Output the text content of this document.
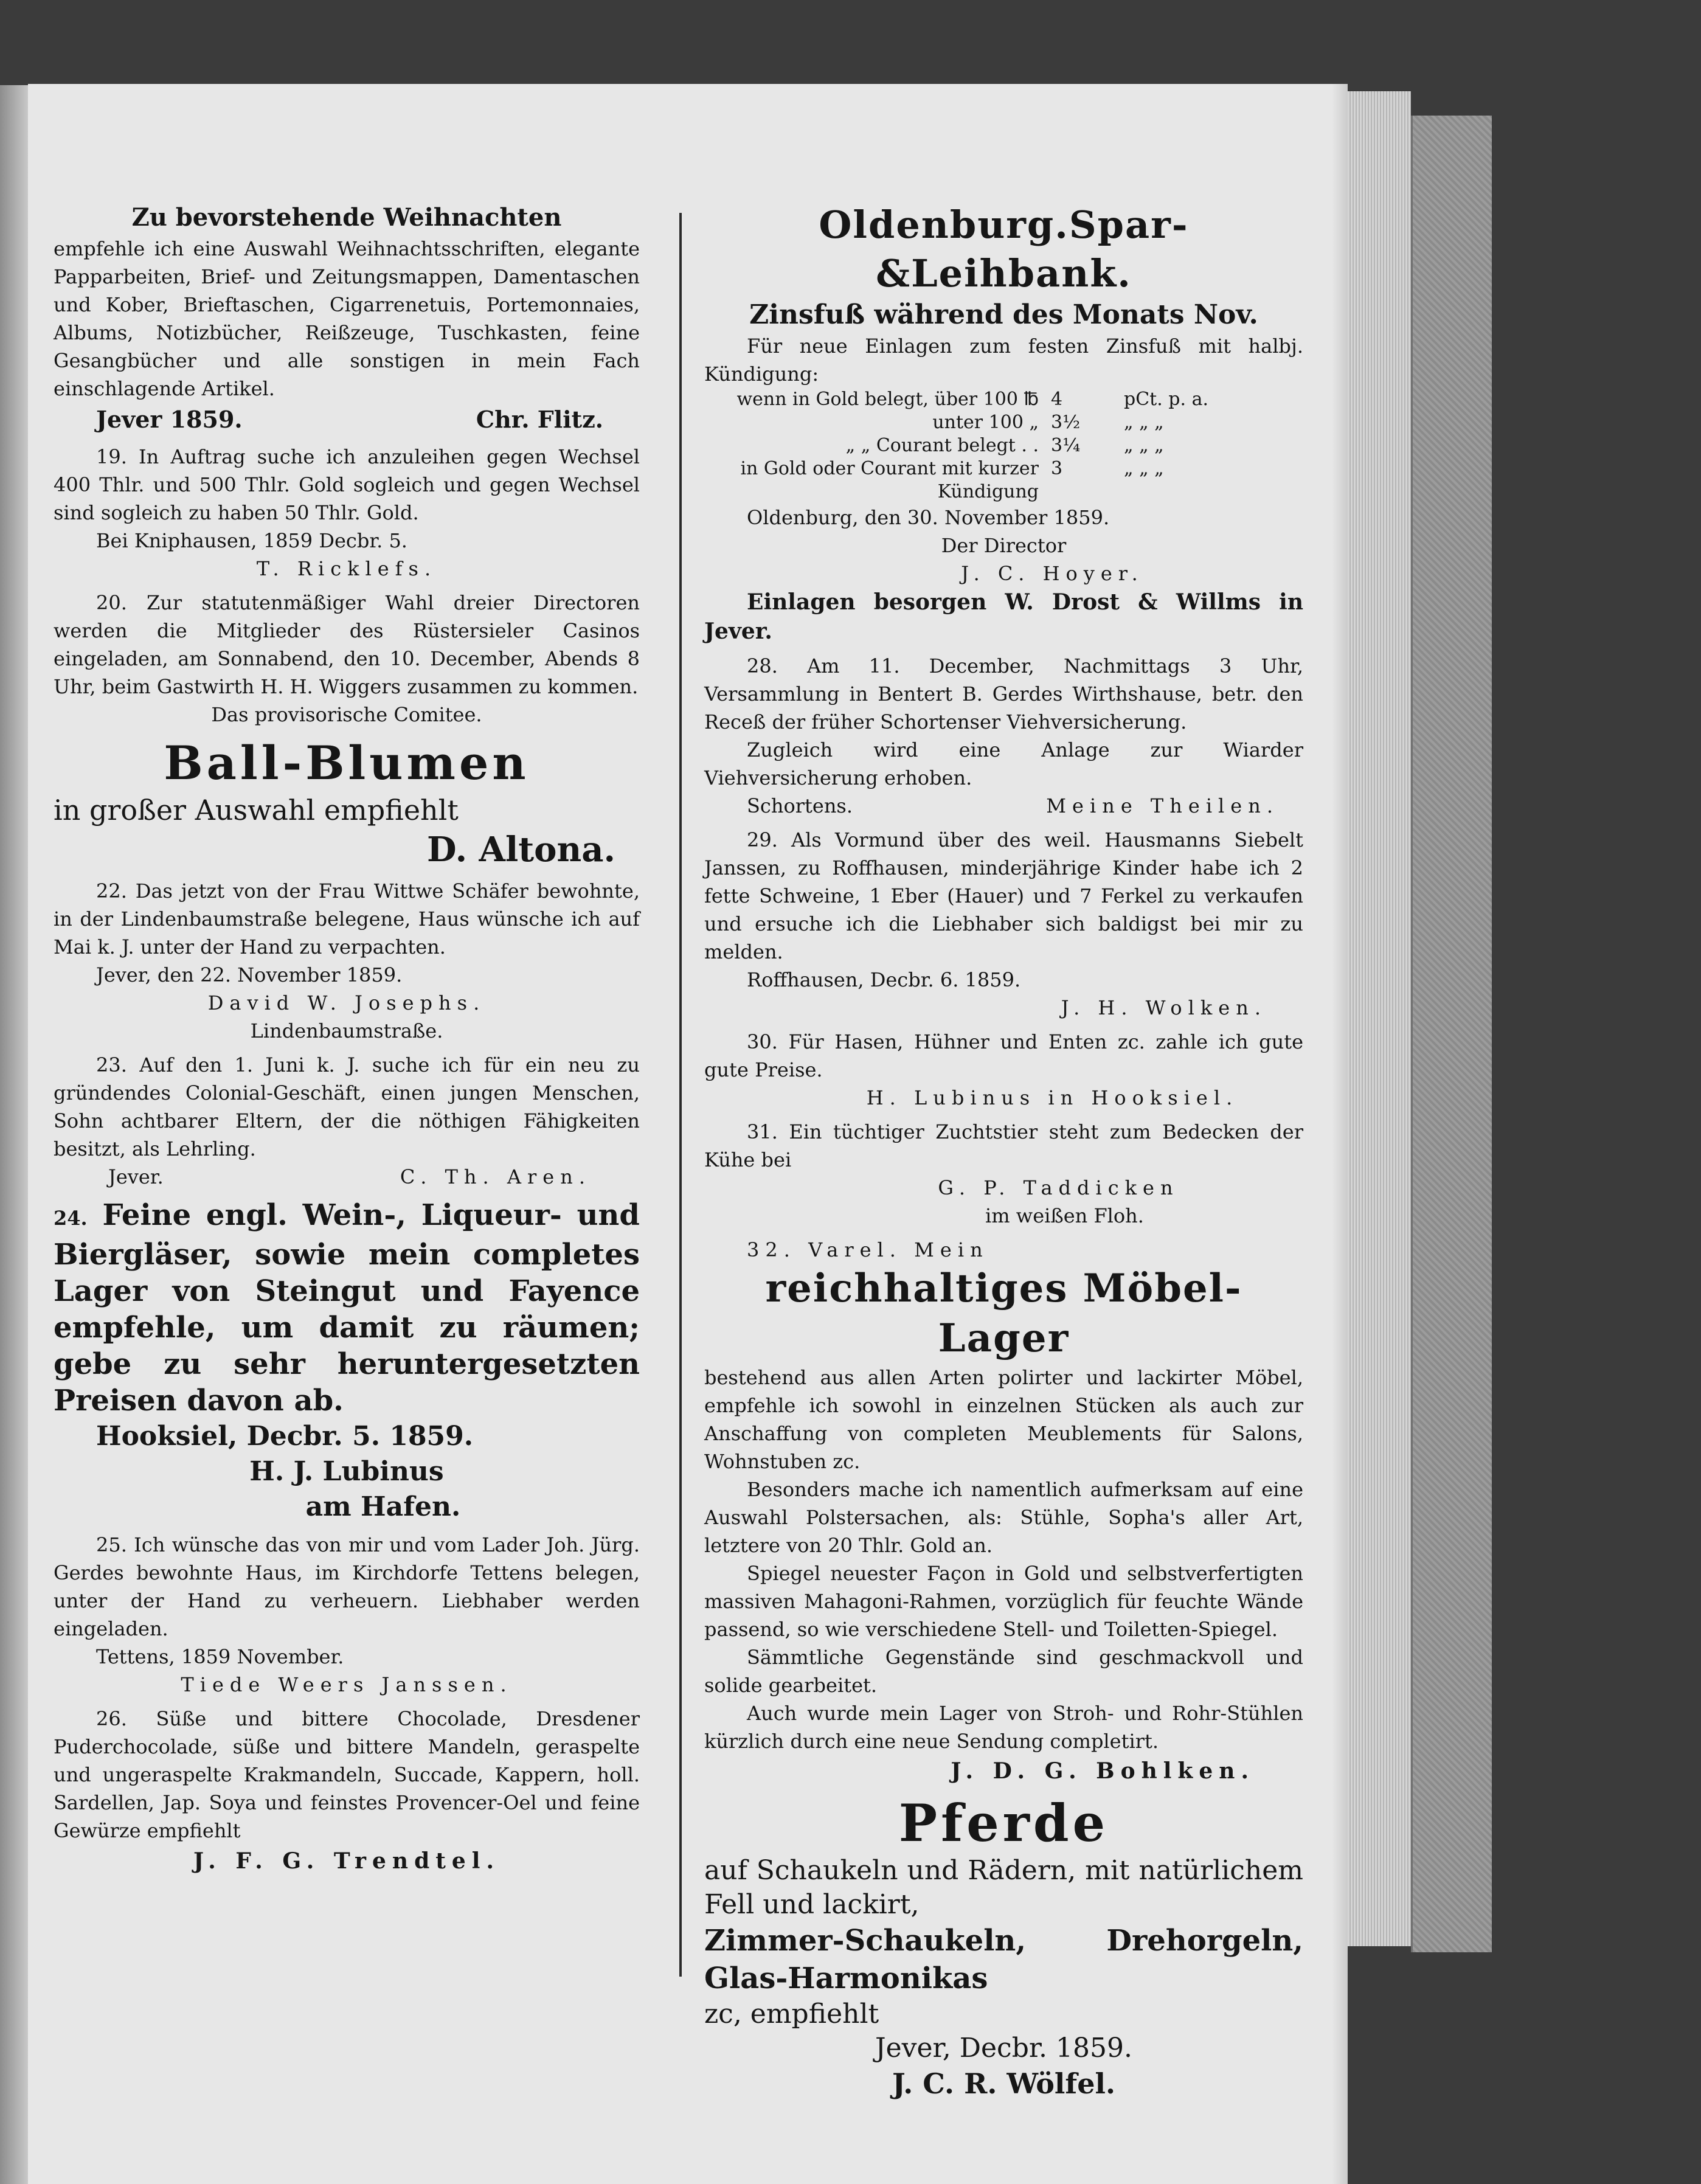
Zu bevorstehende Weihnachten

empfehle ich eine Auswahl Weihnachtsschriften, elegante Papparbeiten, Brief- und Zeitungsmappen, Damentaschen und Kober, Brieftaschen, Cigarrenetuis, Portemonnaies, Albums, Notizbücher, Reißzeuge, Tuschkasten, feine Gesangbücher und alle sonstigen in mein Fach einschlagende Artikel.

Jever 1859.	Chr. Flitz.

19. In Auftrag suche ich anzuleihen gegen Wechsel 400 Thlr. und 500 Thlr. Gold sogleich und gegen Wechsel sind sogleich zu haben 50 Thlr. Gold.

Bei Kniphausen, 1859 Decbr. 5.

T. Ricklefs.

20. Zur statutenmäßiger Wahl dreier Directoren werden die Mitglieder des Rüstersieler Casinos eingeladen, am Sonnabend, den 10. December, Abends 8 Uhr, beim Gastwirth H. H. Wiggers zusammen zu kommen.

Das provisorische Comitee.

Ball-Blumen

in großer Auswahl empfiehlt

D. Altona.

22. Das jetzt von der Frau Wittwe Schäfer bewohnte, in der Lindenbaumstraße belegene, Haus wünsche ich auf Mai k. J. unter der Hand zu verpachten.

Jever, den 22. November 1859.

David W. Josephs.

Lindenbaumstraße.

23. Auf den 1. Juni k. J. suche ich für ein neu zu gründendes Colonial-Geschäft, einen jungen Menschen, Sohn achtbarer Eltern, der die nöthigen Fähigkeiten besitzt, als Lehrling.

Jever.	C. Th. Aren.

24. Feine engl. Wein-, Liqueur- und Biergläser, sowie mein completes Lager von Steingut und Fayence empfehle, um damit zu räumen; gebe zu sehr heruntergesetzten Preisen davon ab.

Hooksiel, Decbr. 5. 1859.

H. J. Lubinus

am Hafen.

25. Ich wünsche das von mir und vom Lader Joh. Jürg. Gerdes bewohnte Haus, im Kirchdorfe Tettens belegen, unter der Hand zu verheuern. Liebhaber werden eingeladen.

Tettens, 1859 November.

Tiede Weers Janssen.

26. Süße und bittere Chocolade, Dresdener Puderchocolade, süße und bittere Mandeln, geraspelte und ungeraspelte Krakmandeln, Succade, Kappern, holl. Sardellen, Jap. Soya und feinstes Provencer-Oel und feine Gewürze empfiehlt

J. F. G. Trendtel.

Oldenburg.Spar-&Leihbank.

Zinsfuß während des Monats Nov.

Für neue Einlagen zum festen Zinsfuß mit halbj. Kündigung:

wenn in Gold belegt, über 100 ℔ 4	pCt. p. a.
unter 100 „ 3½	„ „ „
„ „ Courant belegt . . 3¼	„ „ „
in Gold oder Courant mit kurzer Kündigung
3	„ „ „

Oldenburg, den 30. November 1859.

Der Director

J. C. Hoyer.

Einlagen besorgen W. Drost & Willms in Jever.

28. Am 11. December, Nachmittags 3 Uhr, Versammlung in Bentert B. Gerdes Wirthshause, betr. den Receß der früher Schortenser Viehversicherung.

Zugleich wird eine Anlage zur Wiarder Viehversicherung erhoben.

Schortens.	Meine Theilen.

29. Als Vormund über des weil. Hausmanns Siebelt Janssen, zu Roffhausen, minderjährige Kinder habe ich 2 fette Schweine, 1 Eber (Hauer) und 7 Ferkel zu verkaufen und ersuche ich die Liebhaber sich baldigst bei mir zu melden.

Roffhausen, Decbr. 6. 1859.

J. H. Wolken.

30. Für Hasen, Hühner und Enten zc. zahle ich gute gute Preise.

H. Lubinus in Hooksiel.

31. Ein tüchtiger Zuchtstier steht zum Bedecken der Kühe bei

G. P. Taddicken

im weißen Floh.

32. Varel. Mein

reichhaltiges Möbel-Lager

bestehend aus allen Arten polirter und lackirter Möbel, empfehle ich sowohl in einzelnen Stücken als auch zur Anschaffung von completen Meublements für Salons, Wohnstuben zc.

Besonders mache ich namentlich aufmerksam auf eine Auswahl Polstersachen, als: Stühle, Sopha's aller Art, letztere von 20 Thlr. Gold an.

Spiegel neuester Façon in Gold und selbstverfertigten massiven Mahagoni-Rahmen, vorzüglich für feuchte Wände passend, so wie verschiedene Stell- und Toiletten-Spiegel.

Sämmtliche Gegenstände sind geschmackvoll und solide gearbeitet.

Auch wurde mein Lager von Stroh- und Rohr-Stühlen kürzlich durch eine neue Sendung completirt.

J. D. G. Bohlken.

Pferde

auf Schaukeln und Rädern, mit natürlichem Fell und lackirt,

Zimmer-Schaukeln, Drehorgeln, Glas-Harmonikas

zc, empfiehlt

Jever, Decbr. 1859.

J. C. R. Wölfel.
